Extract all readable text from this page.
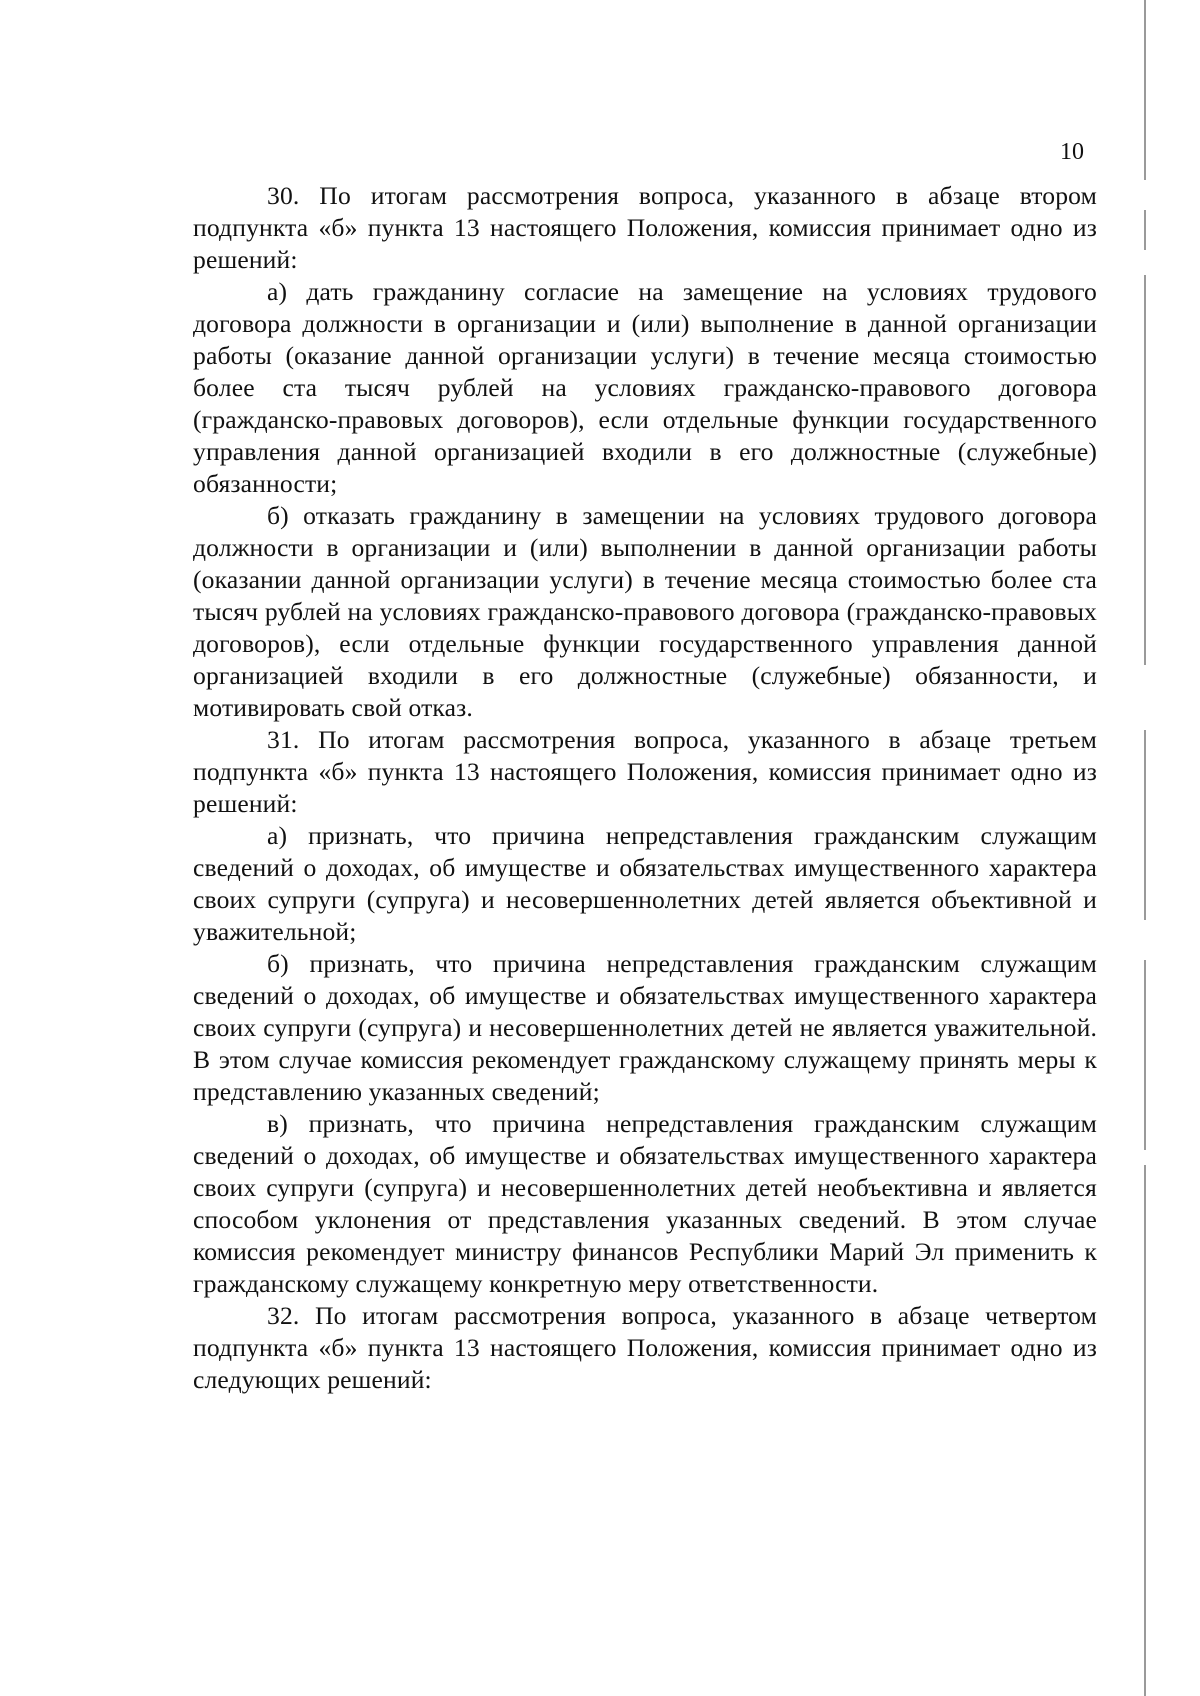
10

30. По итогам рассмотрения вопроса, указанного в абзаце втором подпункта «б» пункта 13 настоящего Положения, комиссия принимает одно из решений:

а) дать гражданину согласие на замещение на условиях трудового договора должности в организации и (или) выполнение в данной организации работы (оказание данной организации услуги) в течение месяца стоимостью более ста тысяч рублей на условиях гражданско-правового договора (гражданско-правовых договоров), если отдельные функции государственного управления данной организацией входили в его должностные (служебные) обязанности;

б) отказать гражданину в замещении на условиях трудового договора должности в организации и (или) выполнении в данной организации работы (оказании данной организации услуги) в течение месяца стоимостью более ста тысяч рублей на условиях гражданско-правового договора (гражданско-правовых договоров), если отдельные функции государственного управления данной организацией входили в его должностные (служебные) обязанности, и мотивировать свой отказ.

31. По итогам рассмотрения вопроса, указанного в абзаце третьем подпункта «б» пункта 13 настоящего Положения, комиссия принимает одно из решений:

а) признать, что причина непредставления гражданским служащим сведений о доходах, об имуществе и обязательствах имущественного характера своих супруги (супруга) и несовершеннолетних детей является объективной и уважительной;

б) признать, что причина непредставления гражданским служащим сведений о доходах, об имуществе и обязательствах имущественного характера своих супруги (супруга) и несовершеннолетних детей не является уважительной. В этом случае комиссия рекомендует гражданскому служащему принять меры к представлению указанных сведений;

в) признать, что причина непредставления гражданским служащим сведений о доходах, об имуществе и обязательствах имущественного характера своих супруги (супруга) и несовершеннолетних детей необъективна и является способом уклонения от представления указанных сведений. В этом случае комиссия рекомендует министру финансов Республики Марий Эл применить к гражданскому служащему конкретную меру ответственности.

32. По итогам рассмотрения вопроса, указанного в абзаце четвертом подпункта «б» пункта 13 настоящего Положения, комиссия принимает одно из следующих решений:
